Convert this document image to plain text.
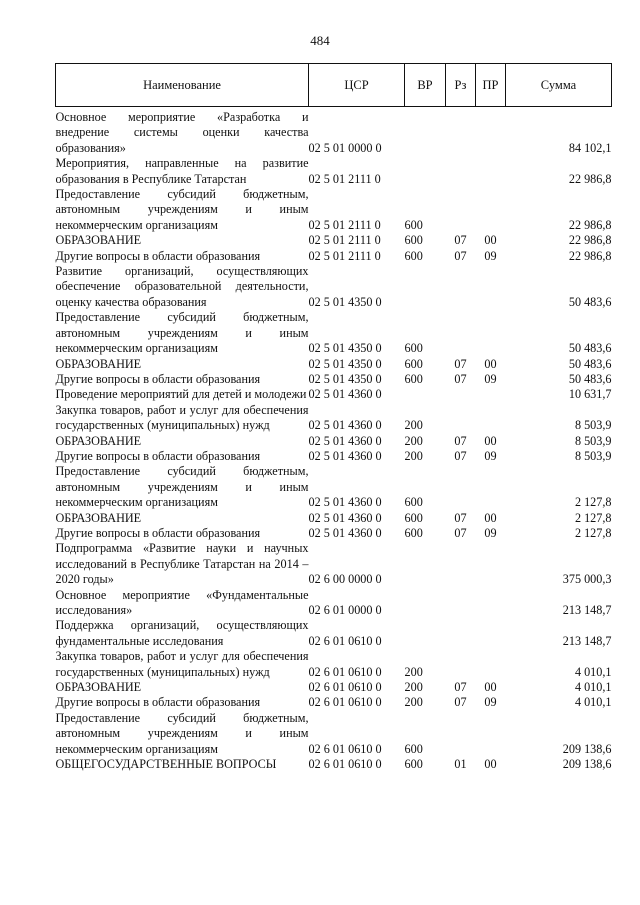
484
Наименование	ЦСР	ВР	Рз	ПР	Сумма
Основное мероприятие «Разработка и внедрение системы оценки качества образования»	02 5 01 0000 0				84 102,1
Мероприятия, направленные на развитие образования в Республике Татарстан	02 5 01 2111 0				22 986,8
Предоставление субсидий бюджетным, автономным учреждениям и иным некоммерческим организациям	02 5 01 2111 0	600			22 986,8
ОБРАЗОВАНИЕ	02 5 01 2111 0	600	07	00	22 986,8
Другие вопросы в области образования	02 5 01 2111 0	600	07	09	22 986,8
Развитие организаций, осуществляющих обеспечение образовательной деятельности, оценку качества образования	02 5 01 4350 0				50 483,6
Предоставление субсидий бюджетным, автономным учреждениям и иным некоммерческим организациям	02 5 01 4350 0	600			50 483,6
ОБРАЗОВАНИЕ	02 5 01 4350 0	600	07	00	50 483,6
Другие вопросы в области образования	02 5 01 4350 0	600	07	09	50 483,6
Проведение мероприятий для детей и молодежи	02 5 01 4360 0				10 631,7
Закупка товаров, работ и услуг для обеспечения государственных (муниципальных) нужд	02 5 01 4360 0	200			8 503,9
ОБРАЗОВАНИЕ	02 5 01 4360 0	200	07	00	8 503,9
Другие вопросы в области образования	02 5 01 4360 0	200	07	09	8 503,9
Предоставление субсидий бюджетным, автономным учреждениям и иным некоммерческим организациям	02 5 01 4360 0	600			2 127,8
ОБРАЗОВАНИЕ	02 5 01 4360 0	600	07	00	2 127,8
Другие вопросы в области образования	02 5 01 4360 0	600	07	09	2 127,8
Подпрограмма «Развитие науки и научных исследований в Республике Татарстан на 2014 – 2020 годы»	02 6 00 0000 0				375 000,3
Основное мероприятие «Фундаментальные исследования»	02 6 01 0000 0				213 148,7
Поддержка организаций, осуществляющих фундаментальные исследования	02 6 01 0610 0				213 148,7
Закупка товаров, работ и услуг для обеспечения государственных (муниципальных) нужд	02 6 01 0610 0	200			4 010,1
ОБРАЗОВАНИЕ	02 6 01 0610 0	200	07	00	4 010,1
Другие вопросы в области образования	02 6 01 0610 0	200	07	09	4 010,1
Предоставление субсидий бюджетным, автономным учреждениям и иным некоммерческим организациям	02 6 01 0610 0	600			209 138,6
ОБЩЕГОСУДАРСТВЕННЫЕ ВОПРОСЫ	02 6 01 0610 0	600	01	00	209 138,6
